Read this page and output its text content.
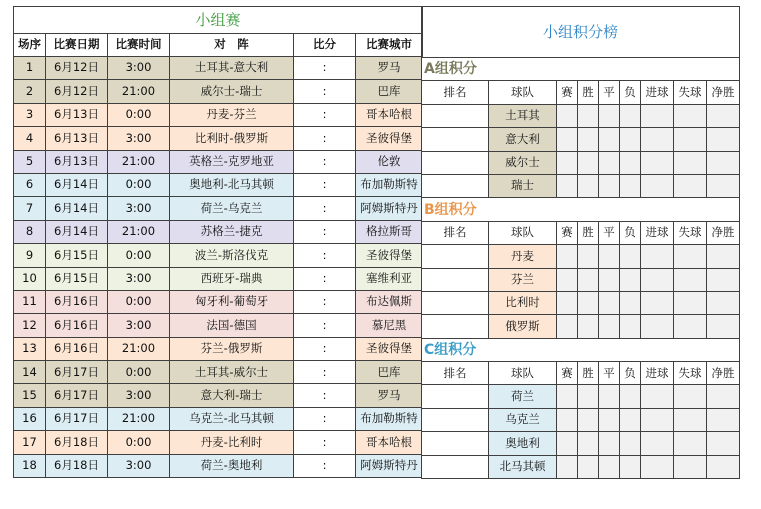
小组赛					
场序	比赛日期	比赛时间	对　阵	比分	比赛城市
1	6月12日	3:00	土耳其-意大利	:	罗马
2	6月12日	21:00	威尔士-瑞士	:	巴库
3	6月13日	0:00	丹麦-芬兰	:	哥本哈根
4	6月13日	3:00	比利时-俄罗斯	:	圣彼得堡
5	6月13日	21:00	英格兰-克罗地亚	:	伦敦
6	6月14日	0:00	奥地利-北马其顿	:	布加勒斯特
7	6月14日	3:00	荷兰-乌克兰	:	阿姆斯特丹
8	6月14日	21:00	苏格兰-捷克	:	格拉斯哥
9	6月15日	0:00	波兰-斯洛伐克	:	圣彼得堡
10	6月15日	3:00	西班牙-瑞典	:	塞维利亚
11	6月16日	0:00	匈牙利-葡萄牙	:	布达佩斯
12	6月16日	3:00	法国-德国	:	慕尼黑
13	6月16日	21:00	芬兰-俄罗斯	:	圣彼得堡
14	6月17日	0:00	土耳其-威尔士	:	巴库
15	6月17日	3:00	意大利-瑞士	:	罗马
16	6月17日	21:00	乌克兰-北马其顿	:	布加勒斯特
17	6月18日	0:00	丹麦-比利时	:	哥本哈根
18	6月18日	3:00	荷兰-奥地利	:	阿姆斯特丹
小组积分榜								
A组积分								
排名	球队	赛	胜	平	负	进球	失球	净胜
	土耳其							
	意大利							
	威尔士							
	瑞士							
B组积分								
排名	球队	赛	胜	平	负	进球	失球	净胜
	丹麦							
	芬兰							
	比利时							
	俄罗斯							
C组积分								
排名	球队	赛	胜	平	负	进球	失球	净胜
	荷兰							
	乌克兰							
	奥地利							
	北马其顿							
